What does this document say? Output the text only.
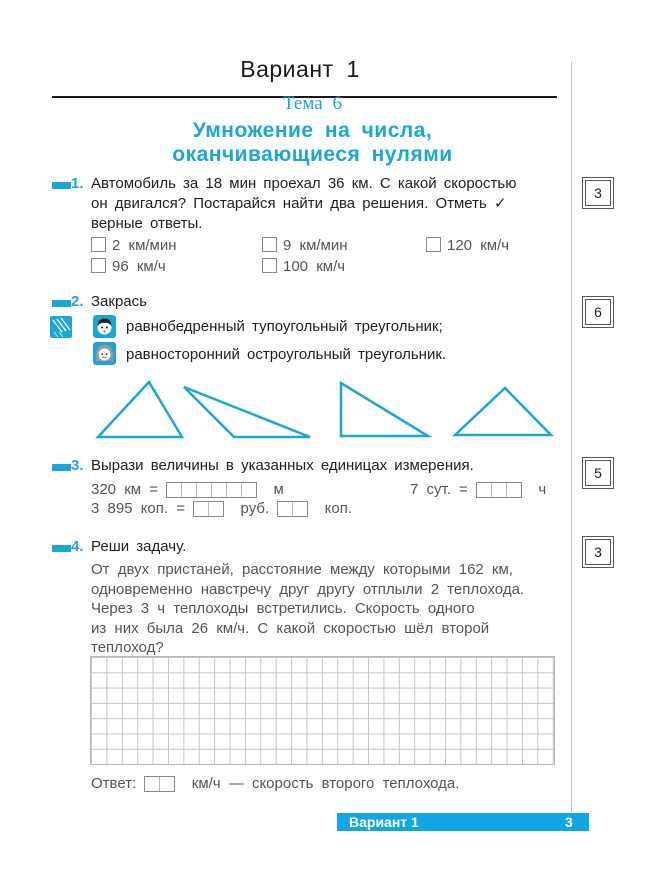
Вариант 1
Тема 6
Умножение на числа,
оканчивающиеся нулями
1. Автомобиль за 18 мин проехал 36 км. С какой скоростью
он двигался? Постарайся найти два решения. Отметь ✓
верные ответы.
2 км/мин	9 км/мин	120 км/ч
96 км/ч	100 км/ч
3
2. Закрась
равнобедренный тупоугольный треугольник;
равносторонний остроугольный треугольник.
6
3. Вырази величины в указанных единицах измерения.
320 км =	м	7 сут. =	ч
3 895 коп. =	руб.	коп.
5
4. Реши задачу.
От двух пристаней, расстояние между которыми 162 км,
одновременно навстречу друг другу отплыли 2 теплохода.
Через 3 ч теплоходы встретились. Скорость одного
из них была 26 км/ч. С какой скоростью шёл второй
теплоход?
3
Ответ:	км/ч — скорость второго теплохода.
Вариант 1	3
